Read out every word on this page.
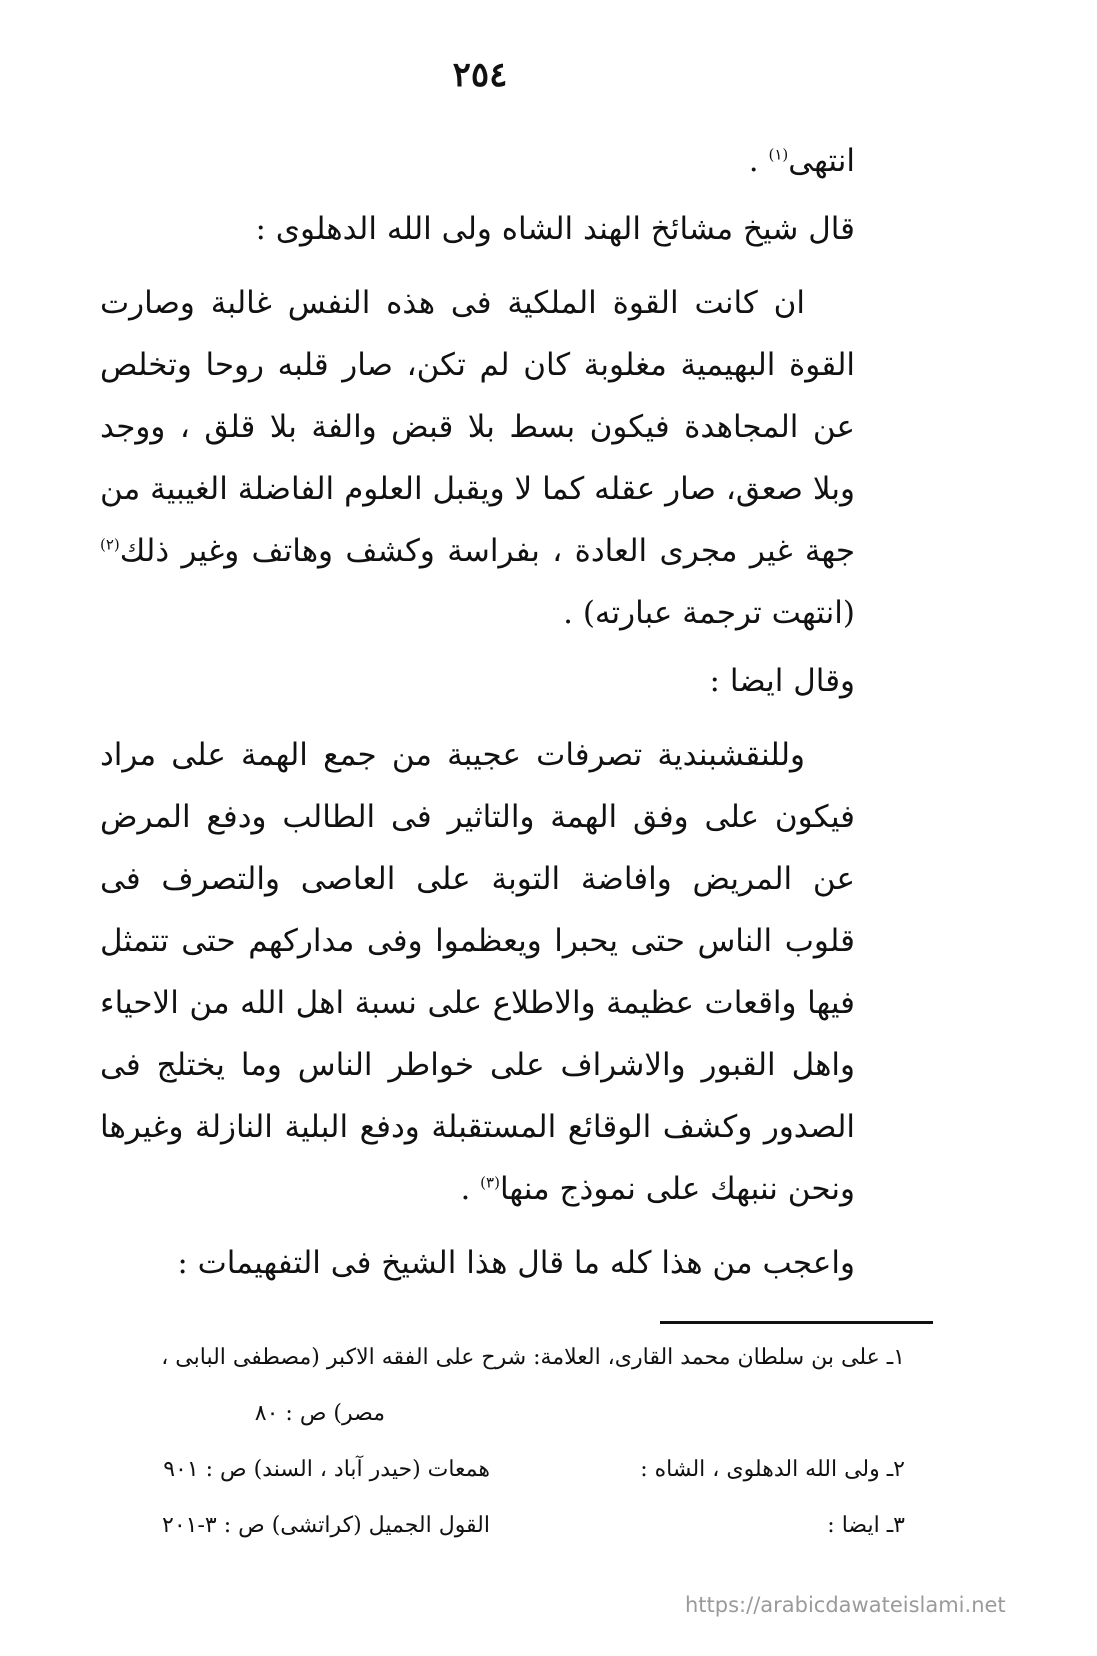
٢٥٤

انتهى$^{(١)}$ .

قال شيخ مشائخ الهند الشاه ولى الله الدهلوى :

ان كانت القوة الملكية فى هذه النفس غالبة وصارت القوة البهيمية مغلوبة كان لم تكن، صار قلبه روحا وتخلص عن المجاهدة فيكون بسط بلا قبض والفة بلا قلق ، ووجد وبلا صعق، صار عقله كما لا ويقبل العلوم الفاضلة الغيبية من جهة غير مجرى العادة ، بفراسة وكشف وهاتف وغير ذلك$^{(٢)}$ (انتهت ترجمة عبارته) .

وقال ايضا :

وللنقشبندية تصرفات عجيبة من جمع الهمة على مراد فيكون على وفق الهمة والتاثير فى الطالب ودفع المرض عن المريض وافاضة التوبة على العاصى والتصرف فى قلوب الناس حتى يحبرا ويعظموا وفى مداركهم حتى تتمثل فيها واقعات عظيمة والاطلاع على نسبة اهل الله من الاحياء واهل القبور والاشراف على خواطر الناس وما يختلج فى الصدور وكشف الوقائع المستقبلة ودفع البلية النازلة وغيرها ونحن ننبهك على نموذج منها$^{(٣)}$ .

واعجب من هذا كله ما قال هذا الشيخ فى التفهيمات :

١ـ على بن سلطان محمد القارى، العلامة: شرح على الفقه الاكبر (مصطفى البابى ،
مصر) ص : ٨٠
٢ـ ولى الله الدهلوى ، الشاه :
همعات (حيدر آباد ، السند) ص : ٩٠١
٣ـ ايضا :
القول الجميل (كراتشى) ص : ٣-٢٠١
https://arabicdawateislami.net
